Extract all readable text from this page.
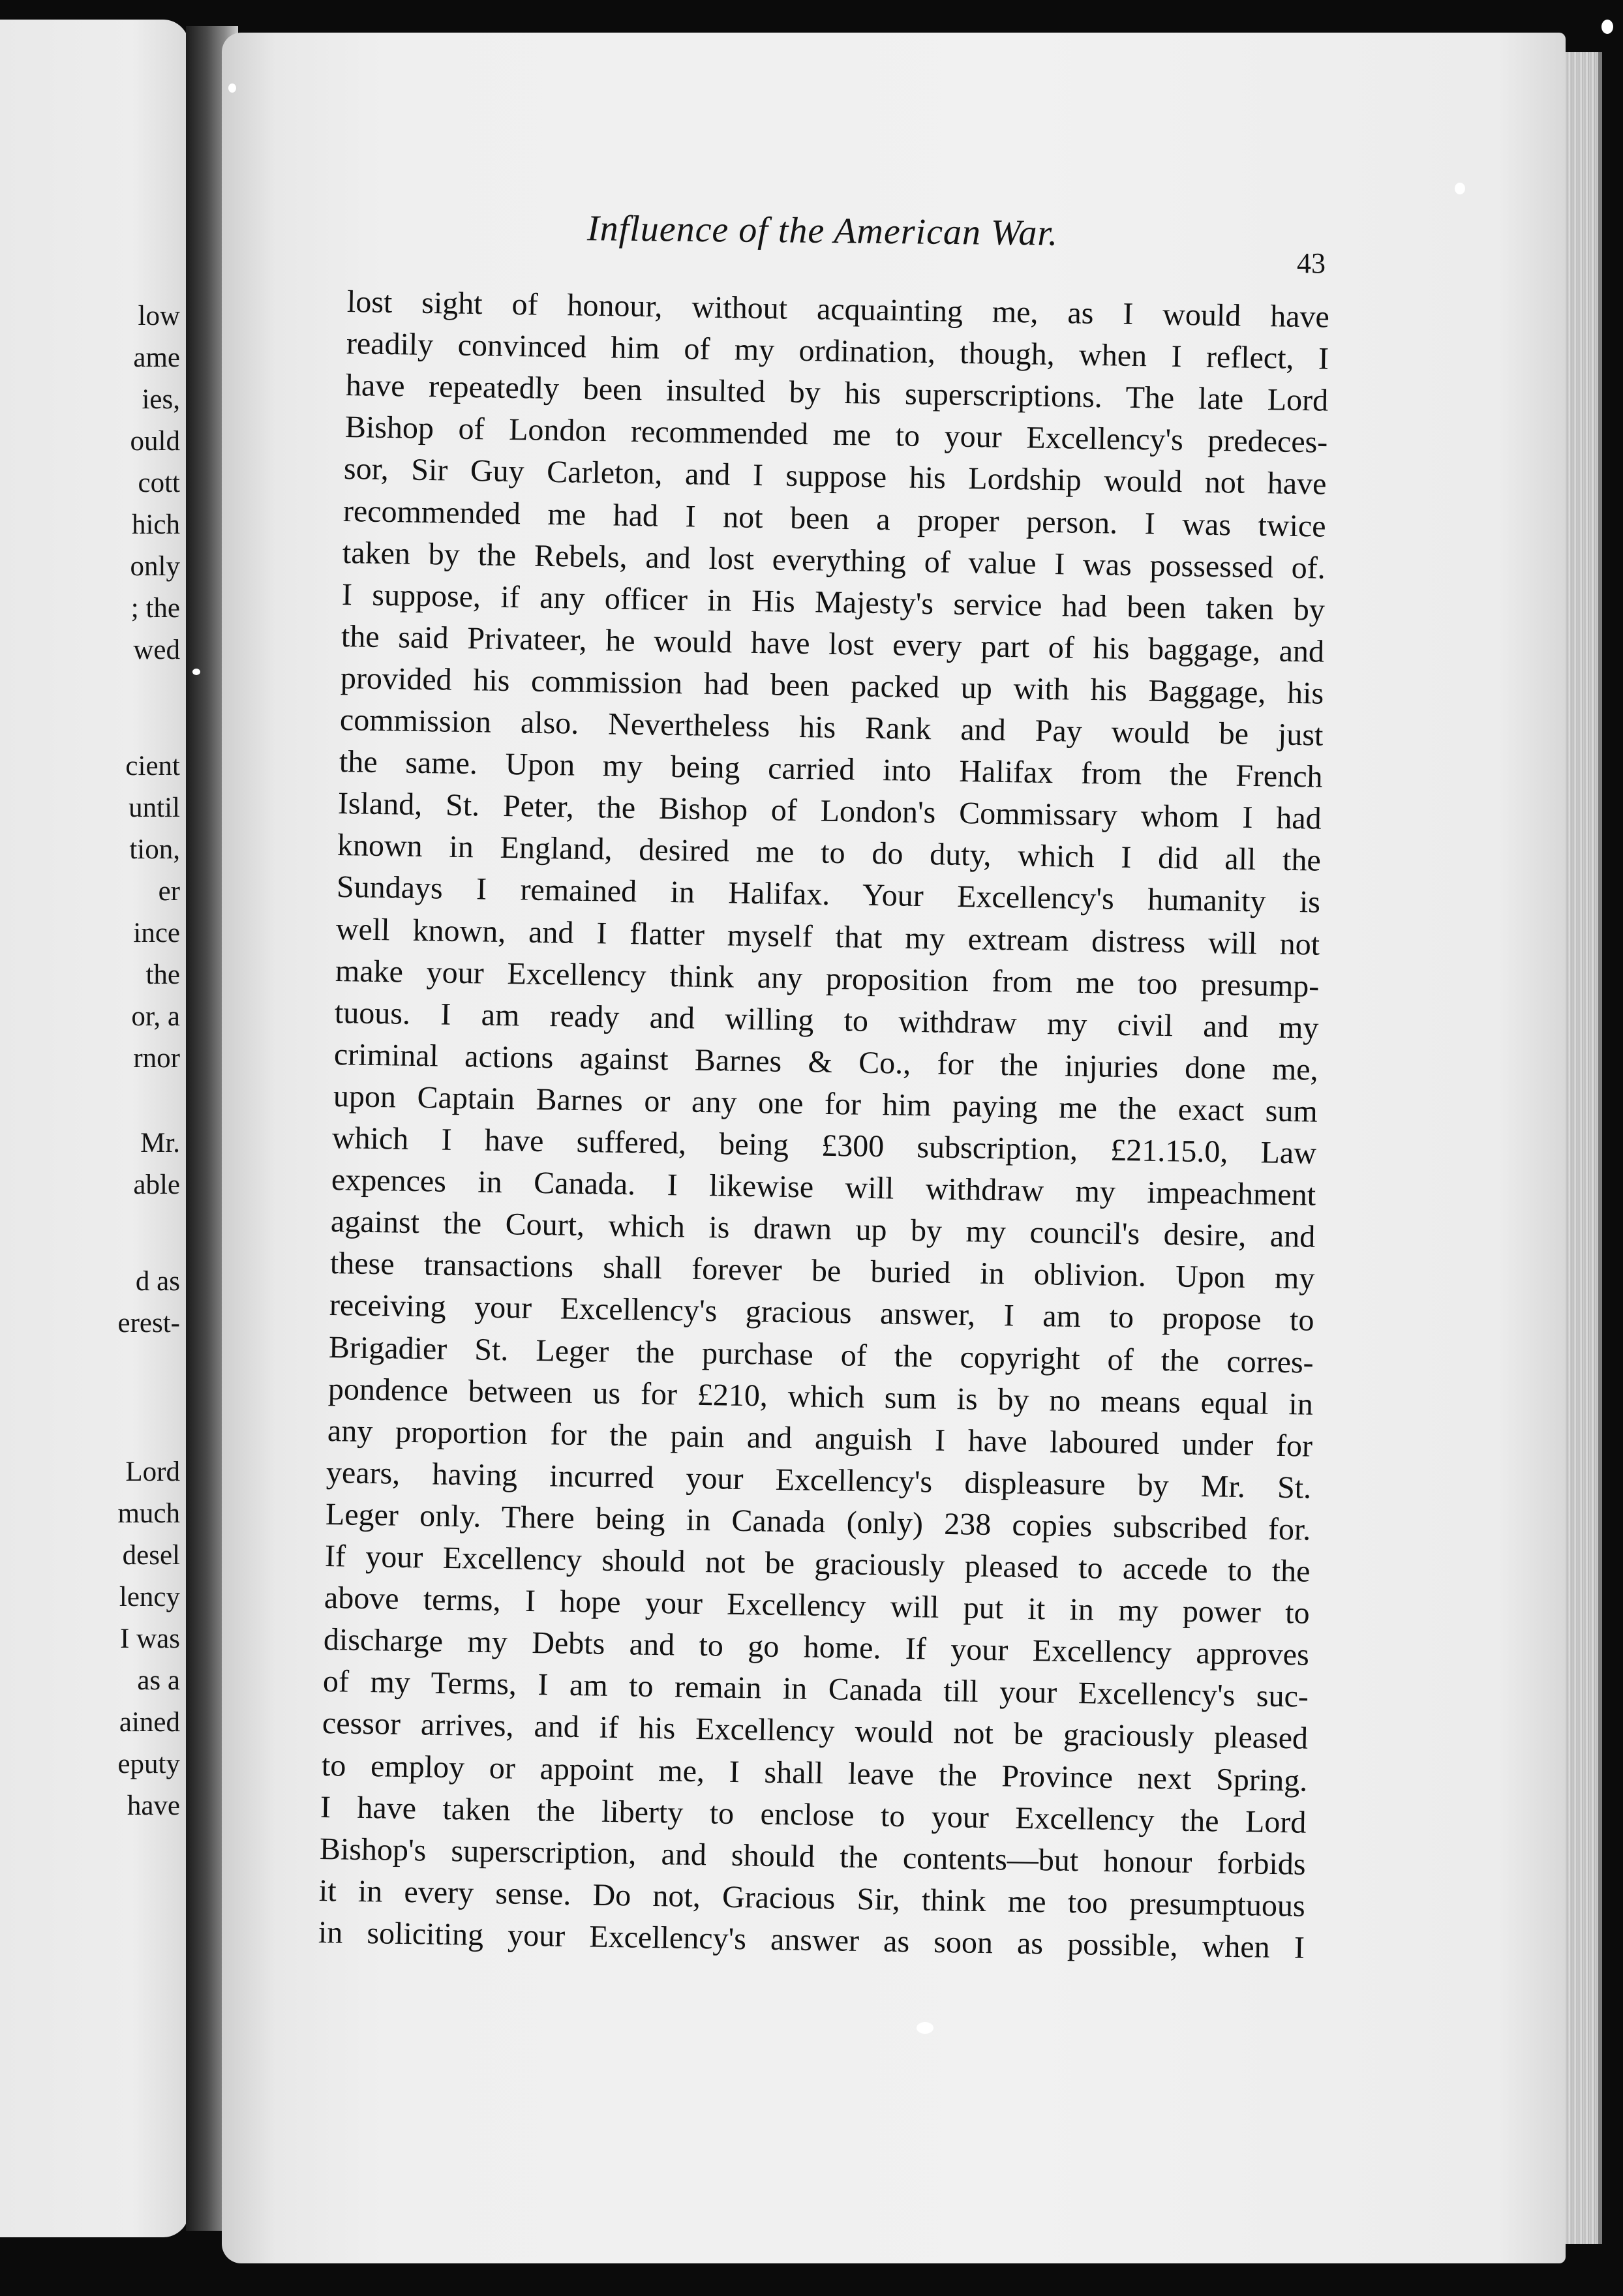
low
ame
ies,
ould
cott
hich
only
; the
wed
cient
until
tion,
er
ince
the
or, a
rnor
Mr.
able
d as
erest-
Lord
much
desel
lency
I was
as a
ained
eputy
have
Influence of the American War.
43
lost sight of honour, without acquainting me, as I would have
readily convinced him of my ordination, though, when I reflect, I
have repeatedly been insulted by his superscriptions. The late Lord
Bishop of London recommended me to your Excellency's predeces-
sor, Sir Guy Carleton, and I suppose his Lordship would not have
recommended me had I not been a proper person. I was twice
taken by the Rebels, and lost everything of value I was possessed of.
I suppose, if any officer in His Majesty's service had been taken by
the said Privateer, he would have lost every part of his baggage, and
provided his commission had been packed up with his Baggage, his
commission also. Nevertheless his Rank and Pay would be just
the same. Upon my being carried into Halifax from the French
Island, St. Peter, the Bishop of London's Commissary whom I had
known in England, desired me to do duty, which I did all the
Sundays I remained in Halifax. Your Excellency's humanity is
well known, and I flatter myself that my extream distress will not
make your Excellency think any proposition from me too presump-
tuous. I am ready and willing to withdraw my civil and my
criminal actions against Barnes & Co., for the injuries done me,
upon Captain Barnes or any one for him paying me the exact sum
which I have suffered, being £300 subscription, £21.15.0, Law
expences in Canada. I likewise will withdraw my impeachment
against the Court, which is drawn up by my council's desire, and
these transactions shall forever be buried in oblivion. Upon my
receiving your Excellency's gracious answer, I am to propose to
Brigadier St. Leger the purchase of the copyright of the corres-
pondence between us for £210, which sum is by no means equal in
any proportion for the pain and anguish I have laboured under for
years, having incurred your Excellency's displeasure by Mr. St.
Leger only. There being in Canada (only) 238 copies subscribed for.
If your Excellency should not be graciously pleased to accede to the
above terms, I hope your Excellency will put it in my power to
discharge my Debts and to go home. If your Excellency approves
of my Terms, I am to remain in Canada till your Excellency's suc-
cessor arrives, and if his Excellency would not be graciously pleased
to employ or appoint me, I shall leave the Province next Spring.
I have taken the liberty to enclose to your Excellency the Lord
Bishop's superscription, and should the contents—but honour forbids
it in every sense. Do not, Gracious Sir, think me too presumptuous
in soliciting your Excellency's answer as soon as possible, when I
